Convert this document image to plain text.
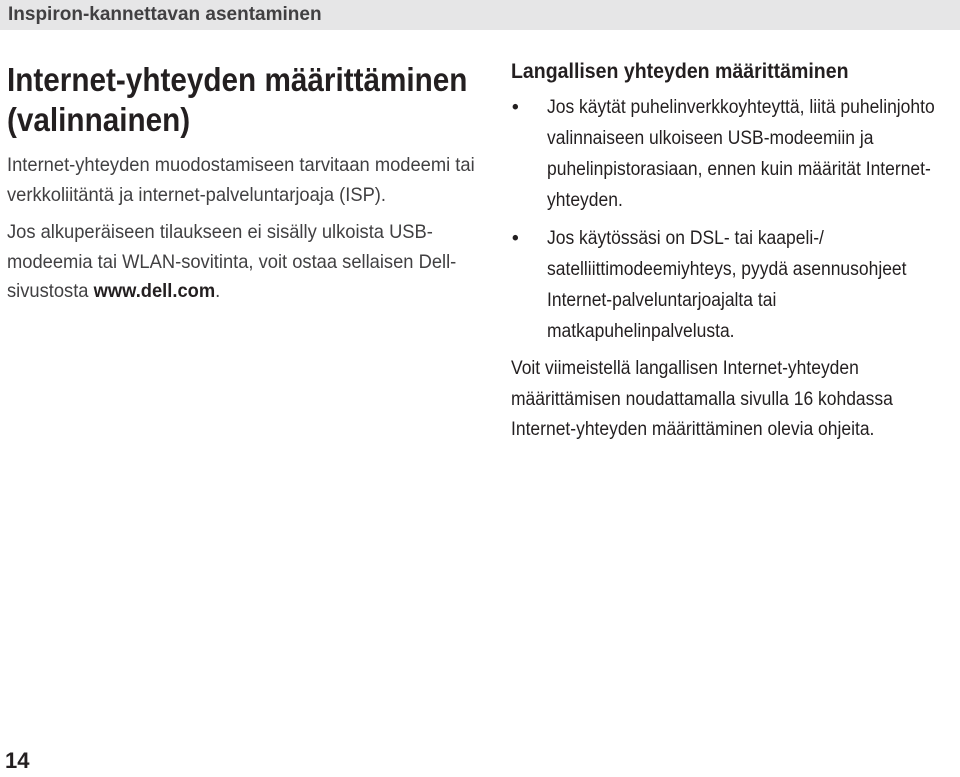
Inspiron-kannettavan asentaminen
Internet-yhteyden määrittäminen (valinnainen)

Internet-yhteyden muodostamiseen tarvitaan modeemi tai verkkoliitäntä ja internet-palveluntarjoaja (ISP).

Jos alkuperäiseen tilaukseen ei sisälly ulkoista USB-modeemia tai WLAN-sovitinta, voit ostaa sellaisen Dell-sivustosta www.dell.com.

Langallisen yhteyden määrittäminen
• Jos käytät puhelinverkkoyhteyttä, liitä puhelinjohto valinnaiseen ulkoiseen USB-modeemiin ja puhelinpistorasiaan, ennen kuin määrität Internet-yhteyden.
• Jos käytössäsi on DSL- tai kaapeli-/ satelliittimodeemiyhteys, pyydä asennusohjeet Internet-palveluntarjoajalta tai matkapuhelinpalvelusta.

Voit viimeistellä langallisen Internet-yhteyden määrittämisen noudattamalla sivulla 16 kohdassa Internet-yhteyden määrittäminen olevia ohjeita.

14
